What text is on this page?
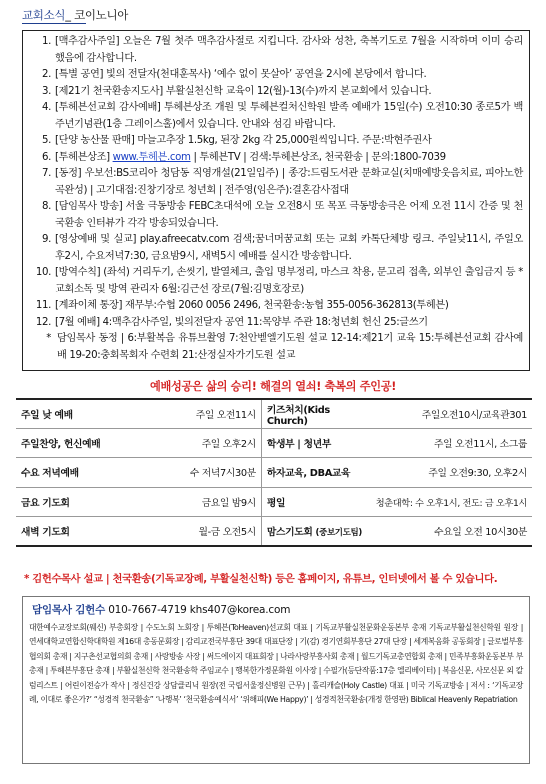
교회소식_ 코이노니아
1. [맥추감사주일] 오늘은 7월 첫주 맥추감사절로 지킵니다. 감사와 성찬, 축복기도로 7월을 시작하며 이미 승리했음에 감사합니다.
2. [특별 공연] 빛의 전달자(천대훈목사) ‘예수 없이 못살아’ 공연을 2시에 본당에서 합니다.
3. [제21기 천국환송지도사] 부활실천신학 교육이 12(월)-13(수)까지 본교회에서 있습니다.
4. [투헤븐선교회 감사예배] 투헤븐상조 개원 및 투헤븐컬처신학원 발족 예배가 15일(수) 오전10:30 종로5가 백주년기념관(1층 그레이스홀)에서 있습니다. 안내와 섬김 바랍니다.
5. [단양 농산물 판매] 마늘고추장 1.5kg, 된장 2kg 각 25,000원씩입니다. 주문:박현주권사
6. [투헤븐상조] www.투헤븐.com | 투헤븐TV | 검색:투헤븐상조, 천국환송 | 문의:1800-7039
7. [동정] 우보선:BS코리아 청담동 직영개설(21일입주) | 종강:드림도서관 문화교실(치매예방웃음치료, 피아노한곡완성) | 고기대접:진창기장로 청년회 | 전주영(임은주):결혼감사접대
8. [담임목사 방송] 서울 극동방송 FEBC초대석에 오늘 오전8시 또 목포 극동방송극은 어제 오전 11시 간증 및 천국환송 인터뷰가 각각 방송되었습니다.
9. [영상예배 및 실교] play.afreecatv.com 검색;꿈너머꿈교회 또는 교회 카톡단체방 링크. 주일낮11시, 주일오후2시, 수요저녁7:30, 금요밤9시, 새벽5시 예배를 실시간 방송합니다.
10. [방역수칙] (좌석) 거리두기, 손씻기, 발열체크, 출입 명부정리, 마스크 착용, 문고리 접촉, 외부인 출입금지 등 *교회소독 및 방역 관리자 6월:김근선 장로(7월:김명호장로)
11. [계좌이체 통장] 재무부:수협 2060 0056 2496, 천국환송:농협 355-0056-362813(투헤븐)
12. [7월 예배] 4:맥추감사주일, 빛의전달자 공연 11:목양부 주관 18:청년회 헌신 25:글쓰기
* 담임목사 동정 | 6:부활복음 유튜브촬영 7:천안벧엘기도원 설교 12-14:제21기 교육 15:투헤븐선교회 감사예배 19-20:충회목회자 수련회 21:산정실자가기도원 설교
예배성공은 삶의 승리! 해결의 열쇠! 축복의 주인공!
주일 낮 예배	주일 오전11시	키즈처치(Kids Church)	주일오전10시/교육관301
주일찬양, 헌신예배	주일 오후2시	학생부 | 청년부	주일 오전11시, 소그룹
수요 저녁예배	수 저녁7시30분	하자교육, DBA교육	주일 오전9:30, 오후2시
금요 기도회	금요일 밤9시	평일	청춘대학: 수 오후1시, 전도: 금 오후1시
새벽 기도회	월-금 오전5시	맘스기도회 (중보기도팀)	수요일 오전 10시30분
* 김헌수목사 설교 | 천국환송(기독교장례, 부활실천신학) 등은 홈페이지, 유튜브, 인터넷에서 볼 수 있습니다.
담임목사 김헌수 010-7667-4719 khs407@korea.com
대한예수교장로회(웨신) 부총회장 | 수도노회 노회장 | 투헤븐(ToHeaven)선교회 대표 | 기독교부활실천문화운동본부 총재 기독교부활실천신학원 원장 | 연세대학교연합신학대학원 제16대 총동문회장 | 감리교전국부흥단 39대 대표단장 | 기(감) 경기연회부흥단 27대 단장 | 세계복음화 공동회장 | 글로벌부흥협의회 총재 | 지구촌선교협의회 총재 | 사랑방송 사장 | 써드에이지 대표회장 | 나라사랑부흥사회 총재 | 월드기독교총연합회 총재 | 민족부흥화운동본부 부총재 | 투헤븐부흥단 총재 | 부활실천신학 천국환송학 주임교수 | 행복한가정문화원 이사장 | 수필가(등단작품:17층 엘리베이터) | 복음신문, 사모신문 외 칼럼리스트 | 어린이전승가 작사 | 정신건강 상담클리닉 원장(전 국립서울정신병원 근무) | 홀리캐슬(Holy Castle) 대표 | 미국 기독교방송 | 저서 : ‘기독교장례, 이대로 좋은가?’ “성경적 천국환송” ‘나행복’ ‘천국환송예식서’ ‘위해피(We Happy)’ | 성경적천국환송(개정 한영판) Biblical Heavenly Repatriation
